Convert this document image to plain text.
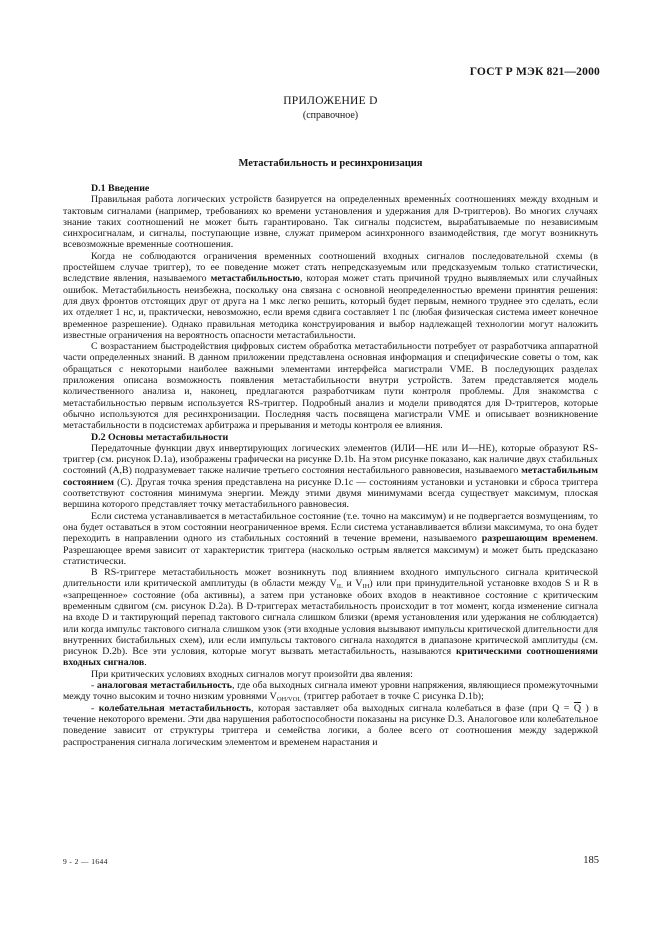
ГОСТ Р МЭК 821—2000
ПРИЛОЖЕНИЕ D
(справочное)
Метастабильность и ресинхронизация

D.1 Введение

Правильная работа логических устройств базируется на определенных временны́х соотношениях между входным и тактовым сигналами (например, требованиях ко времени установления и удержания для D-триггеров). Во многих случаях знание таких соотношений не может быть гарантировано. Так сигналы подсистем, вырабатываемые по независимым синхросигналам, и сигналы, поступающие извне, служат примером асинхронного взаимодействия, где могут возникнуть всевозможные временные соотношения.

Когда не соблюдаются ограничения временных соотношений входных сигналов последовательной схемы (в простейшем случае триггер), то ее поведение может стать непредсказуемым или предсказуемым только статистически, вследствие явления, называемого метастабильностью, которая может стать причиной трудно выявляемых или случайных ошибок. Метастабильность неизбежна, поскольку она связана с основной неопределенностью времени принятия решения: для двух фронтов отстоящих друг от друга на 1 мкс легко решить, который будет первым, немного труднее это сделать, если их отделяет 1 нс, и, практически, невозможно, если время сдвига составляет 1 пс (любая физическая система имеет конечное временное разрешение). Однако правильная методика конструирования и выбор надлежащей технологии могут наложить известные ограничения на вероятность опасности метастабильности.

С возрастанием быстродействия цифровых систем обработка метастабильности потребует от разработчика аппаратной части определенных знаний. В данном приложении представлена основная информация и специфические советы о том, как обращаться с некоторыми наиболее важными элементами интерфейса магистрали VME. В последующих разделах приложения описана возможность появления метастабильности внутри устройств. Затем представляется модель количественного анализа и, наконец, предлагаются разработчикам пути контроля проблемы. Для знакомства с метастабильностью первым используется RS-триггер. Подробный анализ и модели приводятся для D-триггеров, которые обычно используются для ресинхронизации. Последняя часть посвящена магистрали VME и описывает возникновение метастабильности в подсистемах арбитража и прерывания и методы контроля ее влияния.

D.2 Основы метастабильности

Передаточные функции двух инвертирующих логических элементов (ИЛИ—НЕ или И—НЕ), которые образуют RS-триггер (см. рисунок D.1a), изображены графически на рисунке D.1b. На этом рисунке показано, как наличие двух стабильных состояний (A,B) подразумевает также наличие третьего состояния нестабильного равновесия, называемого метастабильным состоянием (C). Другая точка зрения представлена на рисунке D.1c — состояниям установки и установки и сброса триггера соответствуют состояния минимума энергии. Между этими двумя минимумами всегда существует максимум, плоская вершина которого представляет точку метастабильного равновесия.

Если система устанавливается в метастабильное состояние (т.е. точно на максимум) и не подвергается возмущениям, то она будет оставаться в этом состоянии неограниченное время. Если система устанавливается вблизи максимума, то она будет переходить в направлении одного из стабильных состояний в течение времени, называемого разрешающим временем. Разрешающее время зависит от характеристик триггера (насколько острым является максимум) и может быть предсказано статистически.

В RS-триггере метастабильность может возникнуть под влиянием входного импульсного сигнала критической длительности или критической амплитуды (в области между $V_{IL}$ и $V_{IH}$) или при принудительной установке входов S и R в «запрещенное» состояние (оба активны), а затем при установке обоих входов в неактивное состояние с критическим временным сдвигом (см. рисунок D.2a). В D-триггерах метастабильность происходит в тот момент, когда изменение сигнала на входе D и тактирующий перепад тактового сигнала слишком близки (время установления или удержания не соблюдается) или когда импульс тактового сигнала слишком узок (эти входные условия вызывают импульсы критической длительности для внутренних бистабильных схем), или если импульсы тактового сигнала находятся в диапазоне критической амплитуды (см. рисунок D.2b). Все эти условия, которые могут вызвать метастабильность, называются критическими соотношениями входных сигналов.

При критических условиях входных сигналов могут произойти два явления:

- аналоговая метастабильность, где оба выходных сигнала имеют уровни напряжения, являющиеся промежуточными между точно высоким и точно низким уровнями $V_{OH/VOL}$ (триггер работает в точке С рисунка D.1b);

- колебательная метастабильность, которая заставляет оба выходных сигнала колебаться в фазе (при $Q = \overline{Q}$ ) в течение некоторого времени. Эти два нарушения работоспособности показаны на рисунке D.3. Аналоговое или колебательное поведение зависит от структуры триггера и семейства логики, а более всего от соотношения между задержкой распространения сигнала логическим элементом и временем нарастания и

9 - 2 — 1644	185
